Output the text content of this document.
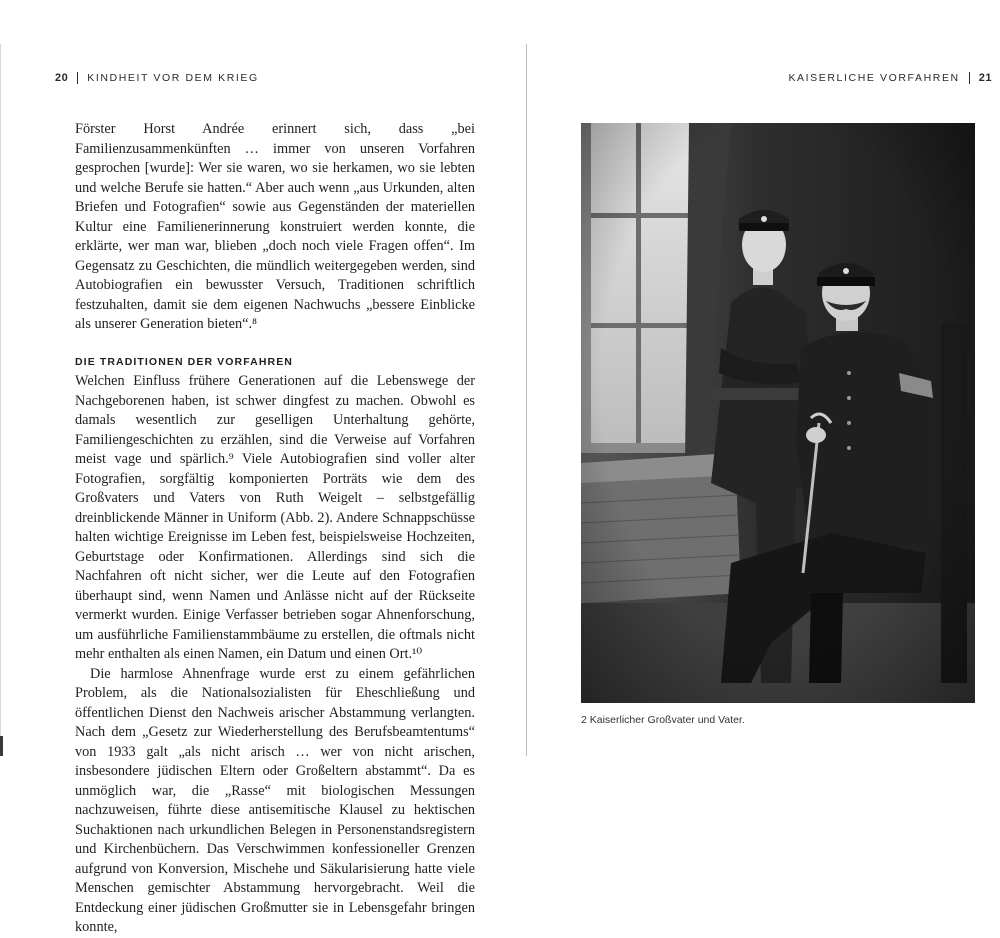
20 KINDHEIT VOR DEM KRIEG

Förster Horst Andrée erinnert sich, dass „bei Familienzusammenkünften … immer von unseren Vorfahren gesprochen [wurde]: Wer sie waren, wo sie herkamen, wo sie lebten und welche Berufe sie hatten.“ Aber auch wenn „aus Urkunden, alten Briefen und Fotografien“ sowie aus Gegenständen der materiellen Kultur eine Familienerinnerung konstruiert werden konnte, die erklärte, wer man war, blieben „doch noch viele Fragen offen“. Im Gegensatz zu Geschichten, die mündlich weitergegeben werden, sind Autobiografien ein bewusster Versuch, Traditionen schriftlich festzuhalten, damit sie dem eigenen Nachwuchs „bessere Einblicke als unserer Generation bieten“.⁸

DIE TRADITIONEN DER VORFAHREN

Welchen Einfluss frühere Generationen auf die Lebenswege der Nachgeborenen haben, ist schwer dingfest zu machen. Obwohl es damals wesentlich zur geselligen Unterhaltung gehörte, Familiengeschichten zu erzählen, sind die Verweise auf Vorfahren meist vage und spärlich.⁹ Viele Autobiografien sind voller alter Fotografien, sorgfältig komponierten Porträts wie dem des Großvaters und Vaters von Ruth Weigelt – selbstgefällig dreinblickende Männer in Uniform (Abb. 2). Andere Schnappschüsse halten wichtige Ereignisse im Leben fest, beispielsweise Hochzeiten, Geburtstage oder Konfirmationen. Allerdings sind sich die Nachfahren oft nicht sicher, wer die Leute auf den Fotografien überhaupt sind, wenn Namen und Anlässe nicht auf der Rückseite vermerkt wurden. Einige Verfasser betrieben sogar Ahnenforschung, um ausführliche Familienstammbäume zu erstellen, die oftmals nicht mehr enthalten als einen Namen, ein Datum und einen Ort.¹⁰

Die harmlose Ahnenfrage wurde erst zu einem gefährlichen Problem, als die Nationalsozialisten für Eheschließung und öffentlichen Dienst den Nachweis arischer Abstammung verlangten. Nach dem „Gesetz zur Wiederherstellung des Berufsbeamtentums“ von 1933 galt „als nicht arisch … wer von nicht arischen, insbesondere jüdischen Eltern oder Großeltern abstammt“. Da es unmöglich war, die „Rasse“ mit biologischen Messungen nachzuweisen, führte diese antisemitische Klausel zu hektischen Suchaktionen nach urkundlichen Belegen in Personenstandsregistern und Kirchenbüchern. Das Verschwimmen konfessioneller Grenzen aufgrund von Konversion, Mischehe und Säkularisierung hatte viele Menschen gemischter Abstammung hervorgebracht. Weil die Entdeckung einer jüdischen Großmutter sie in Lebensgefahr bringen konnte,

KAISERLICHE VORFAHREN 21
2 Kaiserlicher Großvater und Vater.
